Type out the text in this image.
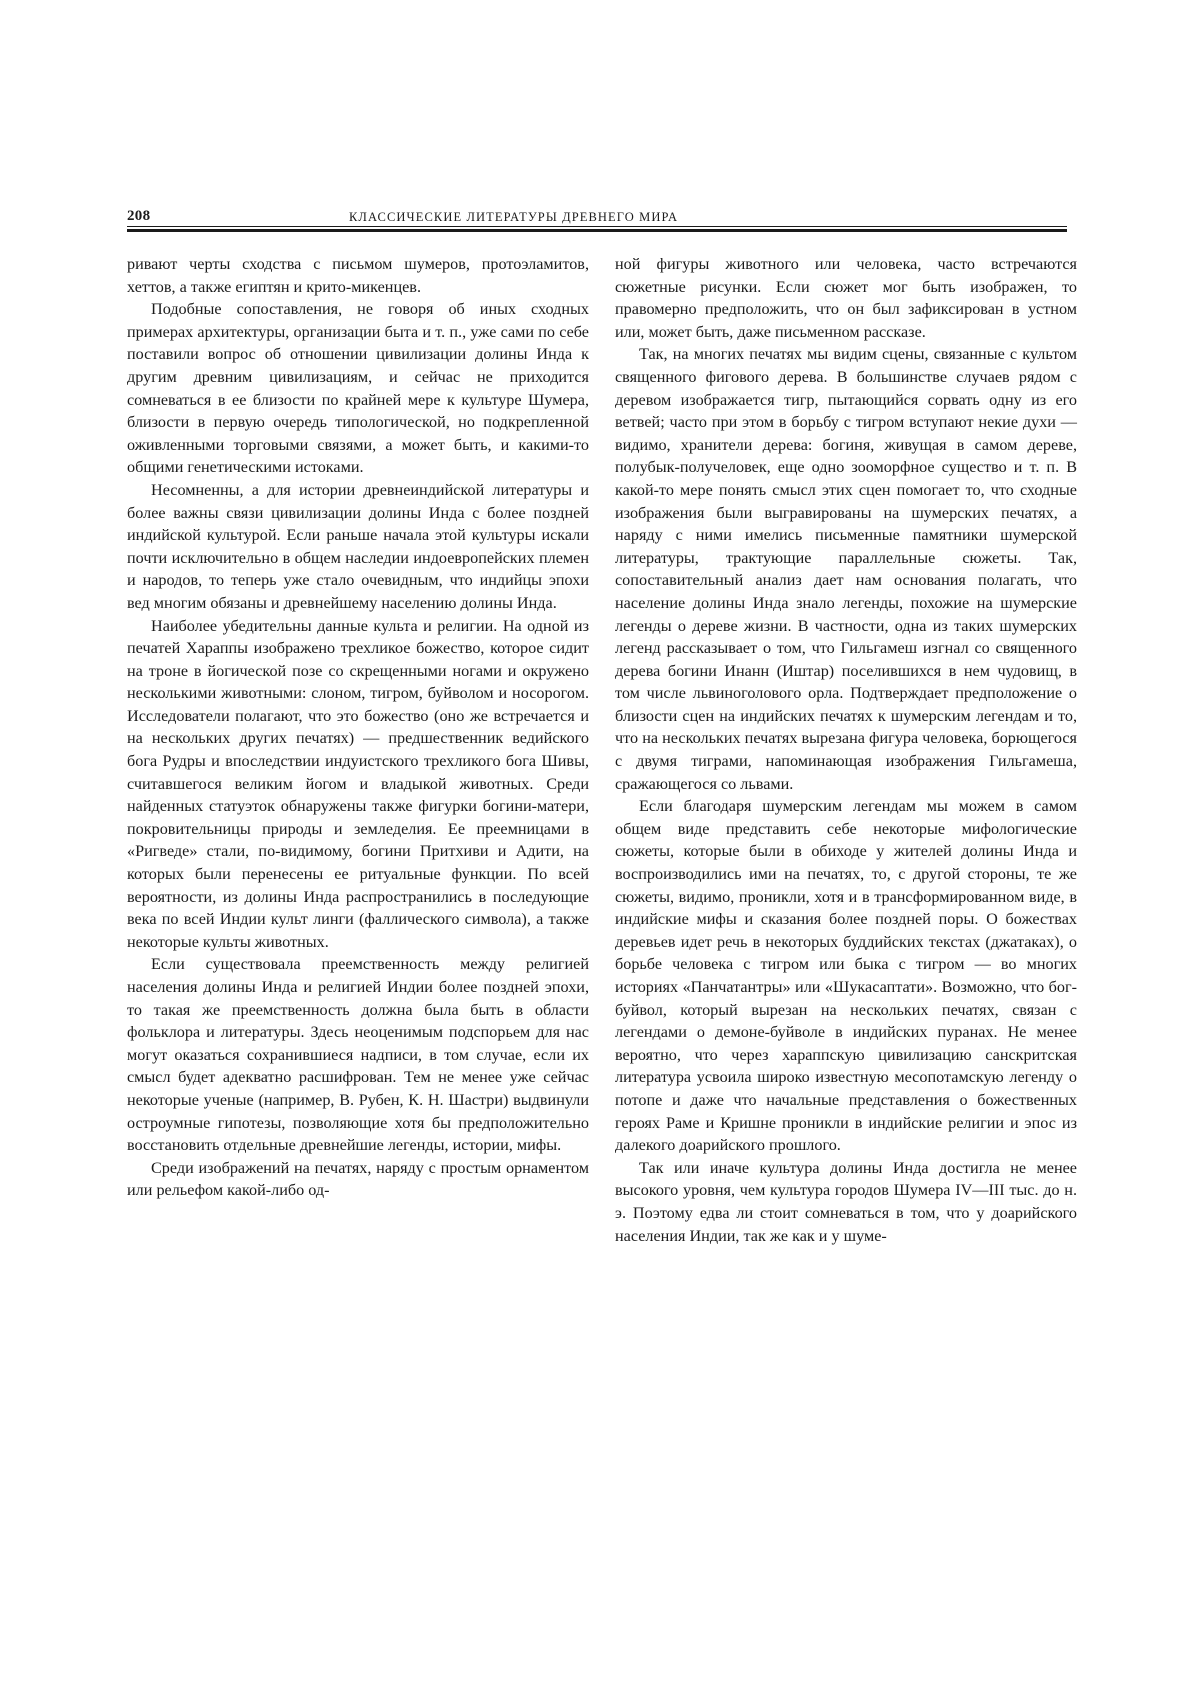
208	КЛАССИЧЕСКИЕ ЛИТЕРАТУРЫ ДРЕВНЕГО МИРА

ривают черты сходства с письмом шумеров, протоэламитов, хеттов, а также египтян и крито-микенцев.

Подобные сопоставления, не говоря об иных сходных примерах архитектуры, организации быта и т. п., уже сами по себе поставили вопрос об отношении цивилизации долины Инда к другим древним цивилизациям, и сейчас не приходится сомневаться в ее близости по крайней мере к культуре Шумера, близости в первую очередь типологической, но подкрепленной оживленными торговыми связями, а может быть, и какими-то общими генетическими истоками.

Несомненны, а для истории древнеиндийской литературы и более важны связи цивилизации долины Инда с более поздней индийской культурой. Если раньше начала этой культуры искали почти исключительно в общем наследии индоевропейских племен и народов, то теперь уже стало очевидным, что индийцы эпохи вед многим обязаны и древнейшему населению долины Инда.

Наиболее убедительны данные культа и религии. На одной из печатей Хараппы изображено трехликое божество, которое сидит на троне в йогической позе со скрещенными ногами и окружено несколькими животными: слоном, тигром, буйволом и носорогом. Исследователи полагают, что это божество (оно же встречается и на нескольких других печатях) — предшественник ведийского бога Рудры и впоследствии индуистского трехликого бога Шивы, считавшегося великим йогом и владыкой животных. Среди найденных статуэток обнаружены также фигурки богини-матери, покровительницы природы и земледелия. Ее преемницами в «Ригведе» стали, по-видимому, богини Притхиви и Адити, на которых были перенесены ее ритуальные функции. По всей вероятности, из долины Инда распространились в последующие века по всей Индии культ линги (фаллического символа), а также некоторые культы животных.

Если существовала преемственность между религией населения долины Инда и религией Индии более поздней эпохи, то такая же преемственность должна была быть в области фольклора и литературы. Здесь неоценимым подспорьем для нас могут оказаться сохранившиеся надписи, в том случае, если их смысл будет адекватно расшифрован. Тем не менее уже сейчас некоторые ученые (например, В. Рубен, К. Н. Шастри) выдвинули остроумные гипотезы, позволяющие хотя бы предположительно восстановить отдельные древнейшие легенды, истории, мифы.

Среди изображений на печатях, наряду с простым орнаментом или рельефом какой-либо од-

ной фигуры животного или человека, часто встречаются сюжетные рисунки. Если сюжет мог быть изображен, то правомерно предположить, что он был зафиксирован в устном или, может быть, даже письменном рассказе.

Так, на многих печатях мы видим сцены, связанные с культом священного фигового дерева. В большинстве случаев рядом с деревом изображается тигр, пытающийся сорвать одну из его ветвей; часто при этом в борьбу с тигром вступают некие духи — видимо, хранители дерева: богиня, живущая в самом дереве, полубык-получеловек, еще одно зооморфное существо и т. п. В какой-то мере понять смысл этих сцен помогает то, что сходные изображения были выгравированы на шумерских печатях, а наряду с ними имелись письменные памятники шумерской литературы, трактующие параллельные сюжеты. Так, сопоставительный анализ дает нам основания полагать, что население долины Инда знало легенды, похожие на шумерские легенды о дереве жизни. В частности, одна из таких шумерских легенд рассказывает о том, что Гильгамеш изгнал со священного дерева богини Инанн (Иштар) поселившихся в нем чудовищ, в том числе львиноголового орла. Подтверждает предположение о близости сцен на индийских печатях к шумерским легендам и то, что на нескольких печатях вырезана фигура человека, борющегося с двумя тиграми, напоминающая изображения Гильгамеша, сражающегося со львами.

Если благодаря шумерским легендам мы можем в самом общем виде представить себе некоторые мифологические сюжеты, которые были в обиходе у жителей долины Инда и воспроизводились ими на печатях, то, с другой стороны, те же сюжеты, видимо, проникли, хотя и в трансформированном виде, в индийские мифы и сказания более поздней поры. О божествах деревьев идет речь в некоторых буддийских текстах (джатаках), о борьбе человека с тигром или быка с тигром — во многих историях «Панчатантры» или «Шукасаптати». Возможно, что бог-буйвол, который вырезан на нескольких печатях, связан с легендами о демоне-буйволе в индийских пуранах. Не менее вероятно, что через хараппскую цивилизацию санскритская литература усвоила широко известную месопотамскую легенду о потопе и даже что начальные представления о божественных героях Раме и Кришне проникли в индийские религии и эпос из далекого доарийского прошлого.

Так или иначе культура долины Инда достигла не менее высокого уровня, чем культура городов Шумера IV—III тыс. до н. э. Поэтому едва ли стоит сомневаться в том, что у доарийского населения Индии, так же как и у шуме-
